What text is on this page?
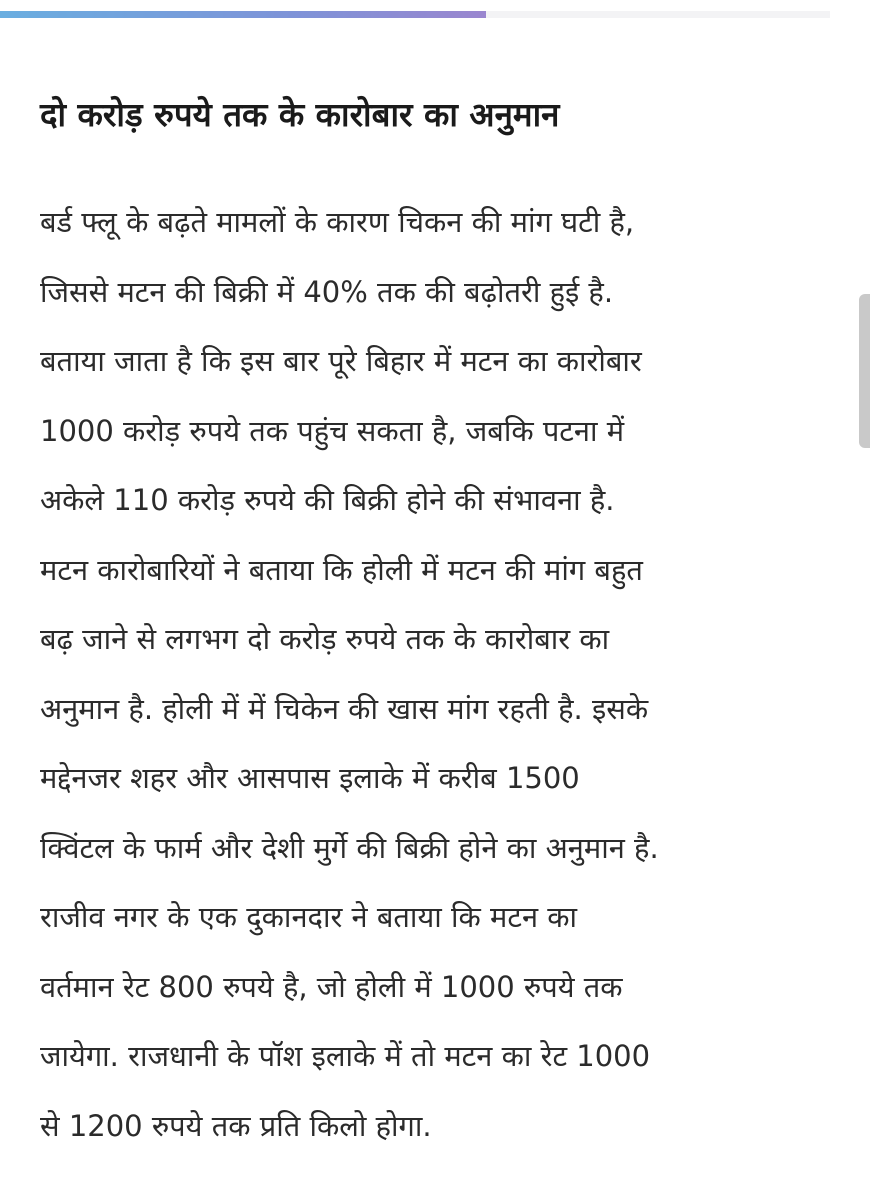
दो करोड़ रुपये तक के कारोबार का अनुमान
बर्ड फ्लू के बढ़ते मामलों के कारण चिकन की मांग घटी है,
जिससे मटन की बिक्री में 40% तक की बढ़ोतरी हुई है.
बताया जाता है कि इस बार पूरे बिहार में मटन का कारोबार
1000 करोड़ रुपये तक पहुंच सकता है, जबकि पटना में
अकेले 110 करोड़ रुपये की बिक्री होने की संभावना है.
मटन कारोबारियों ने बताया कि होली में मटन की मांग बहुत
बढ़ जाने से लगभग दो करोड़ रुपये तक के कारोबार का
अनुमान है. होली में में चिकेन की खास मांग रहती है. इसके
मद्देनजर शहर और आसपास इलाके में करीब 1500
क्विंटल के फार्म और देशी मुर्गे की बिक्री होने का अनुमान है.
राजीव नगर के एक दुकानदार ने बताया कि मटन का
वर्तमान रेट 800 रुपये है, जो होली में 1000 रुपये तक
जायेगा. राजधानी के पॉश इलाके में तो मटन का रेट 1000
से 1200 रुपये तक प्रति किलो होगा.
